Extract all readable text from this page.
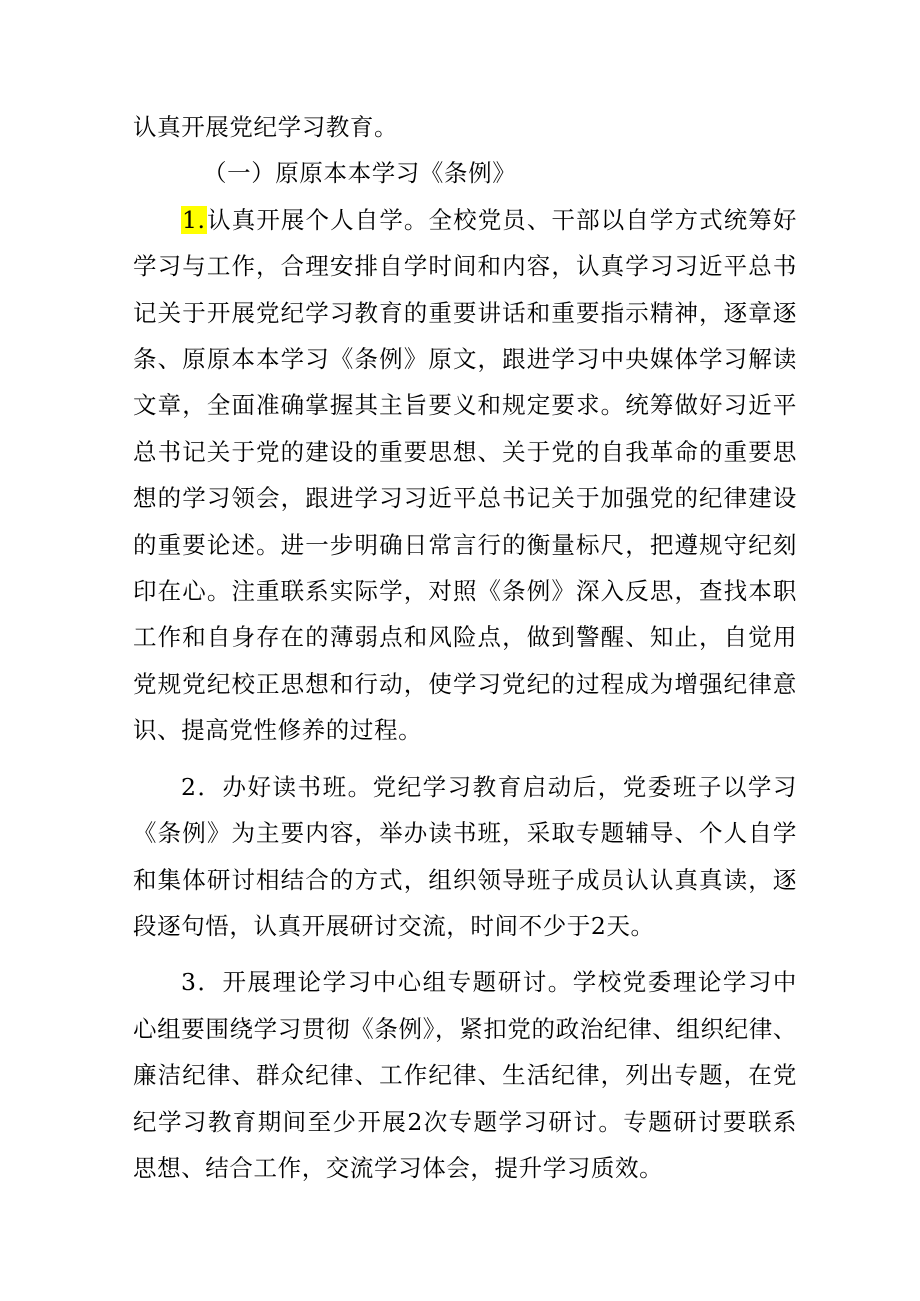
认真开展党纪学习教育。

（一）原原本本学习《条例》

1.认真开展个人自学。全校党员、干部以自学方式统筹好学习与工作，合理安排自学时间和内容，认真学习习近平总书记关于开展党纪学习教育的重要讲话和重要指示精神，逐章逐条、原原本本学习《条例》原文，跟进学习中央媒体学习解读文章，全面准确掌握其主旨要义和规定要求。统筹做好习近平总书记关于党的建设的重要思想、关于党的自我革命的重要思想的学习领会，跟进学习习近平总书记关于加强党的纪律建设的重要论述。进一步明确日常言行的衡量标尺，把遵规守纪刻印在心。注重联系实际学，对照《条例》深入反思，查找本职工作和自身存在的薄弱点和风险点，做到警醒、知止，自觉用党规党纪校正思想和行动，使学习党纪的过程成为增强纪律意识、提高党性修养的过程。

2．办好读书班。党纪学习教育启动后，党委班子以学习《条例》为主要内容，举办读书班，采取专题辅导、个人自学和集体研讨相结合的方式，组织领导班子成员认认真真读，逐段逐句悟，认真开展研讨交流，时间不少于2天。

3．开展理论学习中心组专题研讨。学校党委理论学习中心组要围绕学习贯彻《条例》，紧扣党的政治纪律、组织纪律、廉洁纪律、群众纪律、工作纪律、生活纪律，列出专题，在党纪学习教育期间至少开展2次专题学习研讨。专题研讨要联系思想、结合工作，交流学习体会，提升学习质效。
